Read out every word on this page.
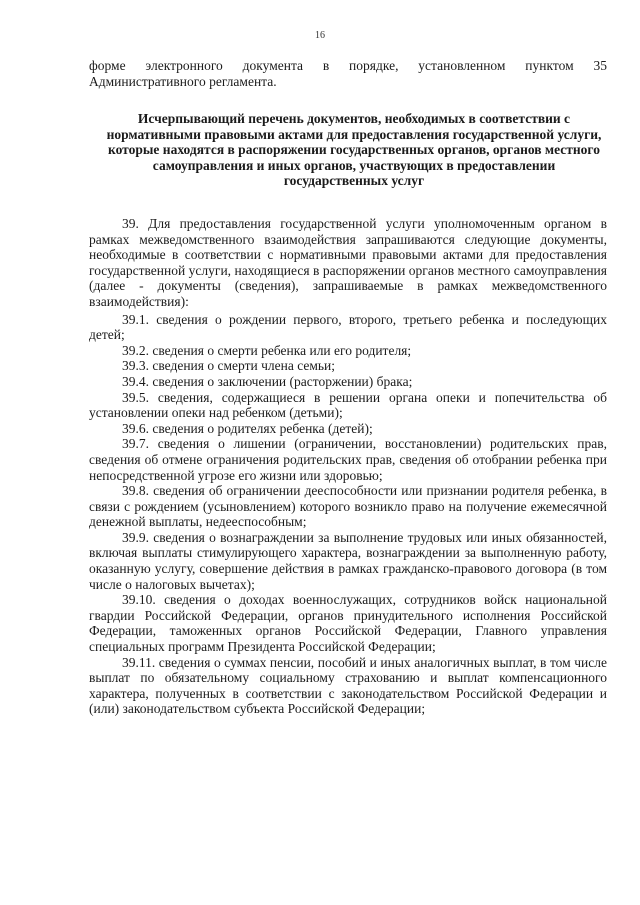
16

форме электронного документа в порядке, установленном пунктом 35 Административного регламента.

Исчерпывающий перечень документов, необходимых в соответствии с нормативными правовыми актами для предоставления государственной услуги, которые находятся в распоряжении государственных органов, органов местного самоуправления и иных органов, участвующих в предоставлении государственных услуг

39. Для предоставления государственной услуги уполномоченным органом в рамках межведомственного взаимодействия запрашиваются следующие документы, необходимые в соответствии с нормативными правовыми актами для предоставления государственной услуги, находящиеся в распоряжении органов местного самоуправления (далее - документы (сведения), запрашиваемые в рамках межведомственного взаимодействия):

39.1. сведения о рождении первого, второго, третьего ребенка и последующих детей;

39.2. сведения о смерти ребенка или его родителя;

39.3. сведения о смерти члена семьи;

39.4. сведения о заключении (расторжении) брака;

39.5. сведения, содержащиеся в решении органа опеки и попечительства об установлении опеки над ребенком (детьми);

39.6. сведения о родителях ребенка (детей);

39.7. сведения о лишении (ограничении, восстановлении) родительских прав, сведения об отмене ограничения родительских прав, сведения об отобрании ребенка при непосредственной угрозе его жизни или здоровью;

39.8. сведения об ограничении дееспособности или признании родителя ребенка, в связи с рождением (усыновлением) которого возникло право на получение ежемесячной денежной выплаты, недееспособным;

39.9. сведения о вознаграждении за выполнение трудовых или иных обязанностей, включая выплаты стимулирующего характера, вознаграждении за выполненную работу, оказанную услугу, совершение действия в рамках гражданско-правового договора (в том числе о налоговых вычетах);

39.10. сведения о доходах военнослужащих, сотрудников войск национальной гвардии Российской Федерации, органов принудительного исполнения Российской Федерации, таможенных органов Российской Федерации, Главного управления специальных программ Президента Российской Федерации;

39.11. сведения о суммах пенсии, пособий и иных аналогичных выплат, в том числе выплат по обязательному социальному страхованию и выплат компенсационного характера, полученных в соответствии с законодательством Российской Федерации и (или) законодательством субъекта Российской Федерации;
